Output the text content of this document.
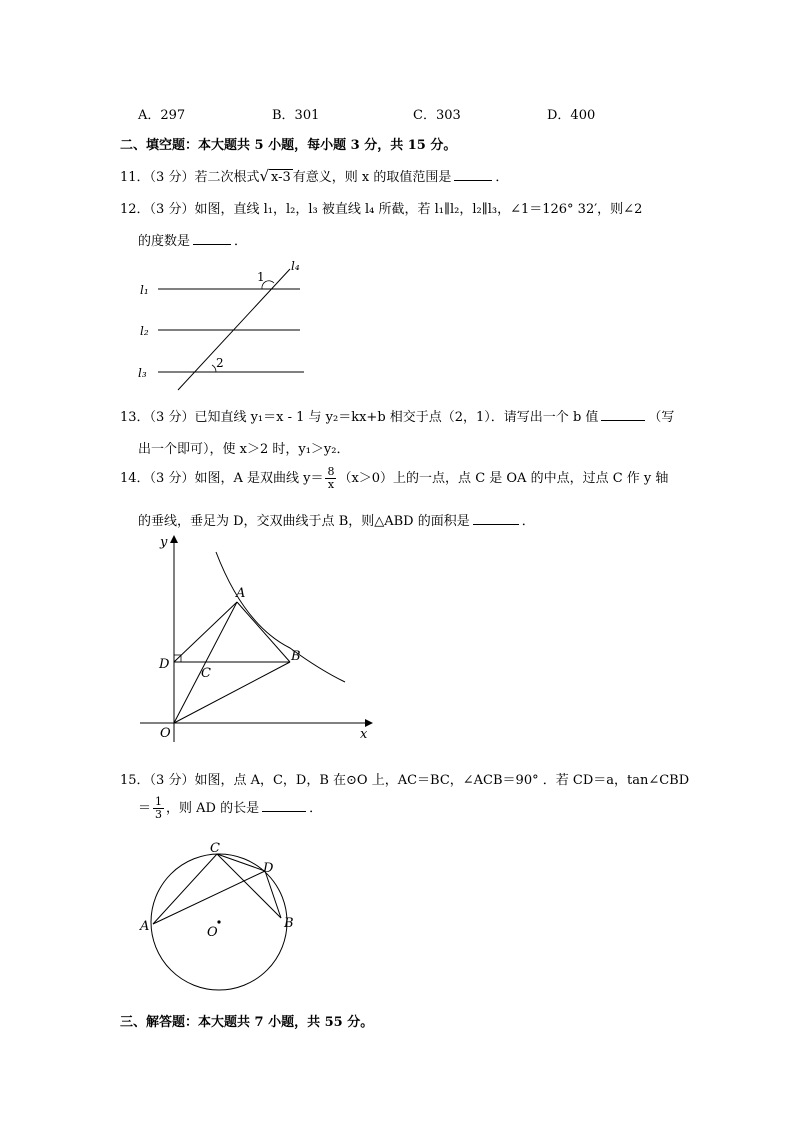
A．297	B．301	C．303	D．400
二、填空题：本大题共 5 小题，每小题 3 分，共 15 分。
11．（3 分）若二次根式√ x-3 有意义，则 x 的取值范围是	．
12．（3 分）如图，直线 l₁，l₂，l₃ 被直线 l₄ 所截，若 l₁∥l₂，l₂∥l₃，∠1＝126° 32′，则∠2
的度数是	．
l₁
l₂
l₃
l₄
1
2
13．（3 分）已知直线 y₁＝x - 1 与 y₂＝kx+b 相交于点（2，1）．请写出一个 b 值	（写
出一个即可），使 x＞2 时，y₁＞y₂．
14．（3 分）如图，A 是双曲线 $y= \frac{8}{x} (x>0)$上的一点，点 C 是 OA 的中点，过点 C 作 y 轴
的垂线，垂足为 D，交双曲线于点 B，则△ABD 的面积是	．
y
x
O
A
B
C
D
15．（3 分）如图，点 A，C，D，B 在⊙O 上，AC＝BC，∠ACB＝90° ．若 CD＝a，tan∠CBD
＝ $\frac{1}{3}$ ，则 AD 的长是	．
A	B
C
D
O
三、解答题：本大题共 7 小题，共 55 分。
